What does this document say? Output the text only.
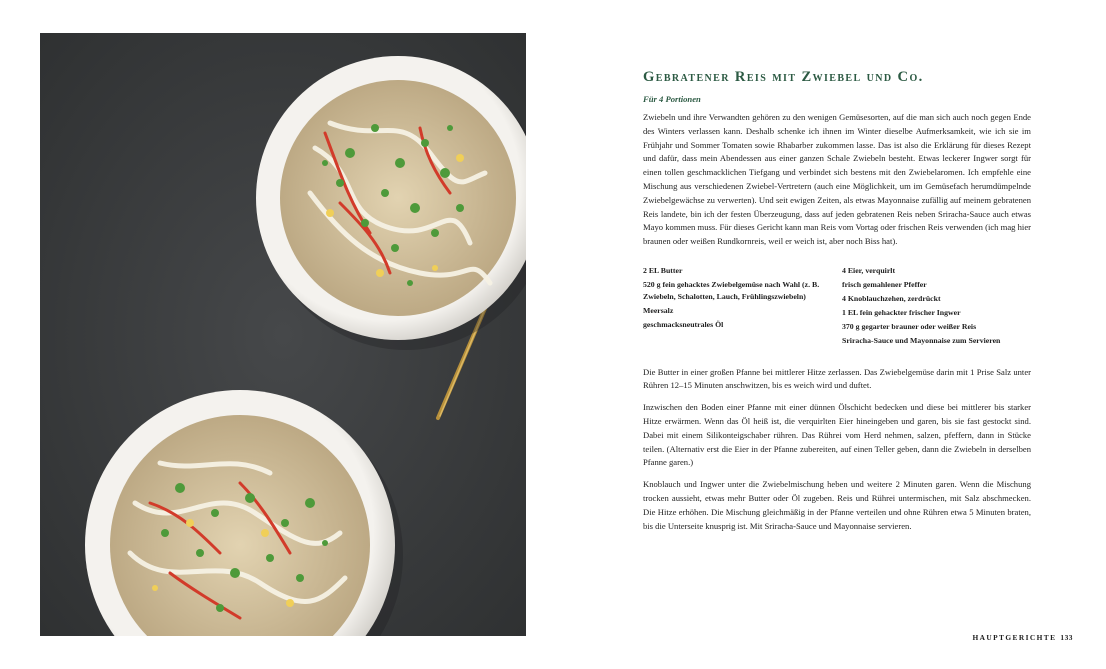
Gebratener Reis mit Zwiebel und Co.

Für 4 Portionen

Zwiebeln und ihre Verwandten gehören zu den wenigen Gemüsesorten, auf die man sich auch noch gegen Ende des Winters verlassen kann. Deshalb schenke ich ihnen im Winter dieselbe Aufmerksamkeit, wie ich sie im Frühjahr und Sommer Tomaten sowie Rhabarber zukommen lasse. Das ist also die Erklärung für dieses Rezept und dafür, dass mein Abendessen aus einer ganzen Schale Zwiebeln besteht. Etwas leckerer Ingwer sorgt für einen tollen geschmacklichen Tiefgang und verbindet sich bestens mit den Zwiebelaromen. Ich empfehle eine Mischung aus verschiedenen Zwiebel-Vertretern (auch eine Möglichkeit, um im Gemüsefach herumdümpelnde Zwiebelgewächse zu verwerten). Und seit ewigen Zeiten, als etwas Mayonnaise zufällig auf meinem gebratenen Reis landete, bin ich der festen Überzeugung, dass auf jeden gebratenen Reis neben Sriracha-Sauce auch etwas Mayo kommen muss. Für dieses Gericht kann man Reis vom Vortag oder frischen Reis verwenden (ich mag hier braunen oder weißen Rundkornreis, weil er weich ist, aber noch Biss hat).

2 EL Butter
520 g fein gehacktes Zwiebelgemüse nach Wahl (z. B. Zwiebeln, Schalotten, Lauch, Frühlingszwiebeln)
Meersalz
geschmacksneutrales Öl
4 Eier, verquirlt
frisch gemahlener Pfeffer
4 Knoblauchzehen, zerdrückt
1 EL fein gehackter frischer Ingwer
370 g gegarter brauner oder weißer Reis
Sriracha-Sauce und Mayonnaise zum Servieren

Die Butter in einer großen Pfanne bei mittlerer Hitze zerlassen. Das Zwiebelgemüse darin mit 1 Prise Salz unter Rühren 12–15 Minuten anschwitzen, bis es weich wird und duftet.

Inzwischen den Boden einer Pfanne mit einer dünnen Ölschicht bedecken und diese bei mittlerer bis starker Hitze erwärmen. Wenn das Öl heiß ist, die verquirlten Eier hineingeben und garen, bis sie fast gestockt sind. Dabei mit einem Silikonteigschaber rühren. Das Rührei vom Herd nehmen, salzen, pfeffern, dann in Stücke teilen. (Alternativ erst die Eier in der Pfanne zubereiten, auf einen Teller geben, dann die Zwiebeln in derselben Pfanne garen.)

Knoblauch und Ingwer unter die Zwiebelmischung heben und weitere 2 Minuten garen. Wenn die Mischung trocken aussieht, etwas mehr Butter oder Öl zugeben. Reis und Rührei untermischen, mit Salz abschmecken. Die Hitze erhöhen. Die Mischung gleichmäßig in der Pfanne verteilen und ohne Rühren etwa 5 Minuten braten, bis die Unterseite knusprig ist. Mit Sriracha-Sauce und Mayonnaise servieren.

HAUPTGERICHTE 133
